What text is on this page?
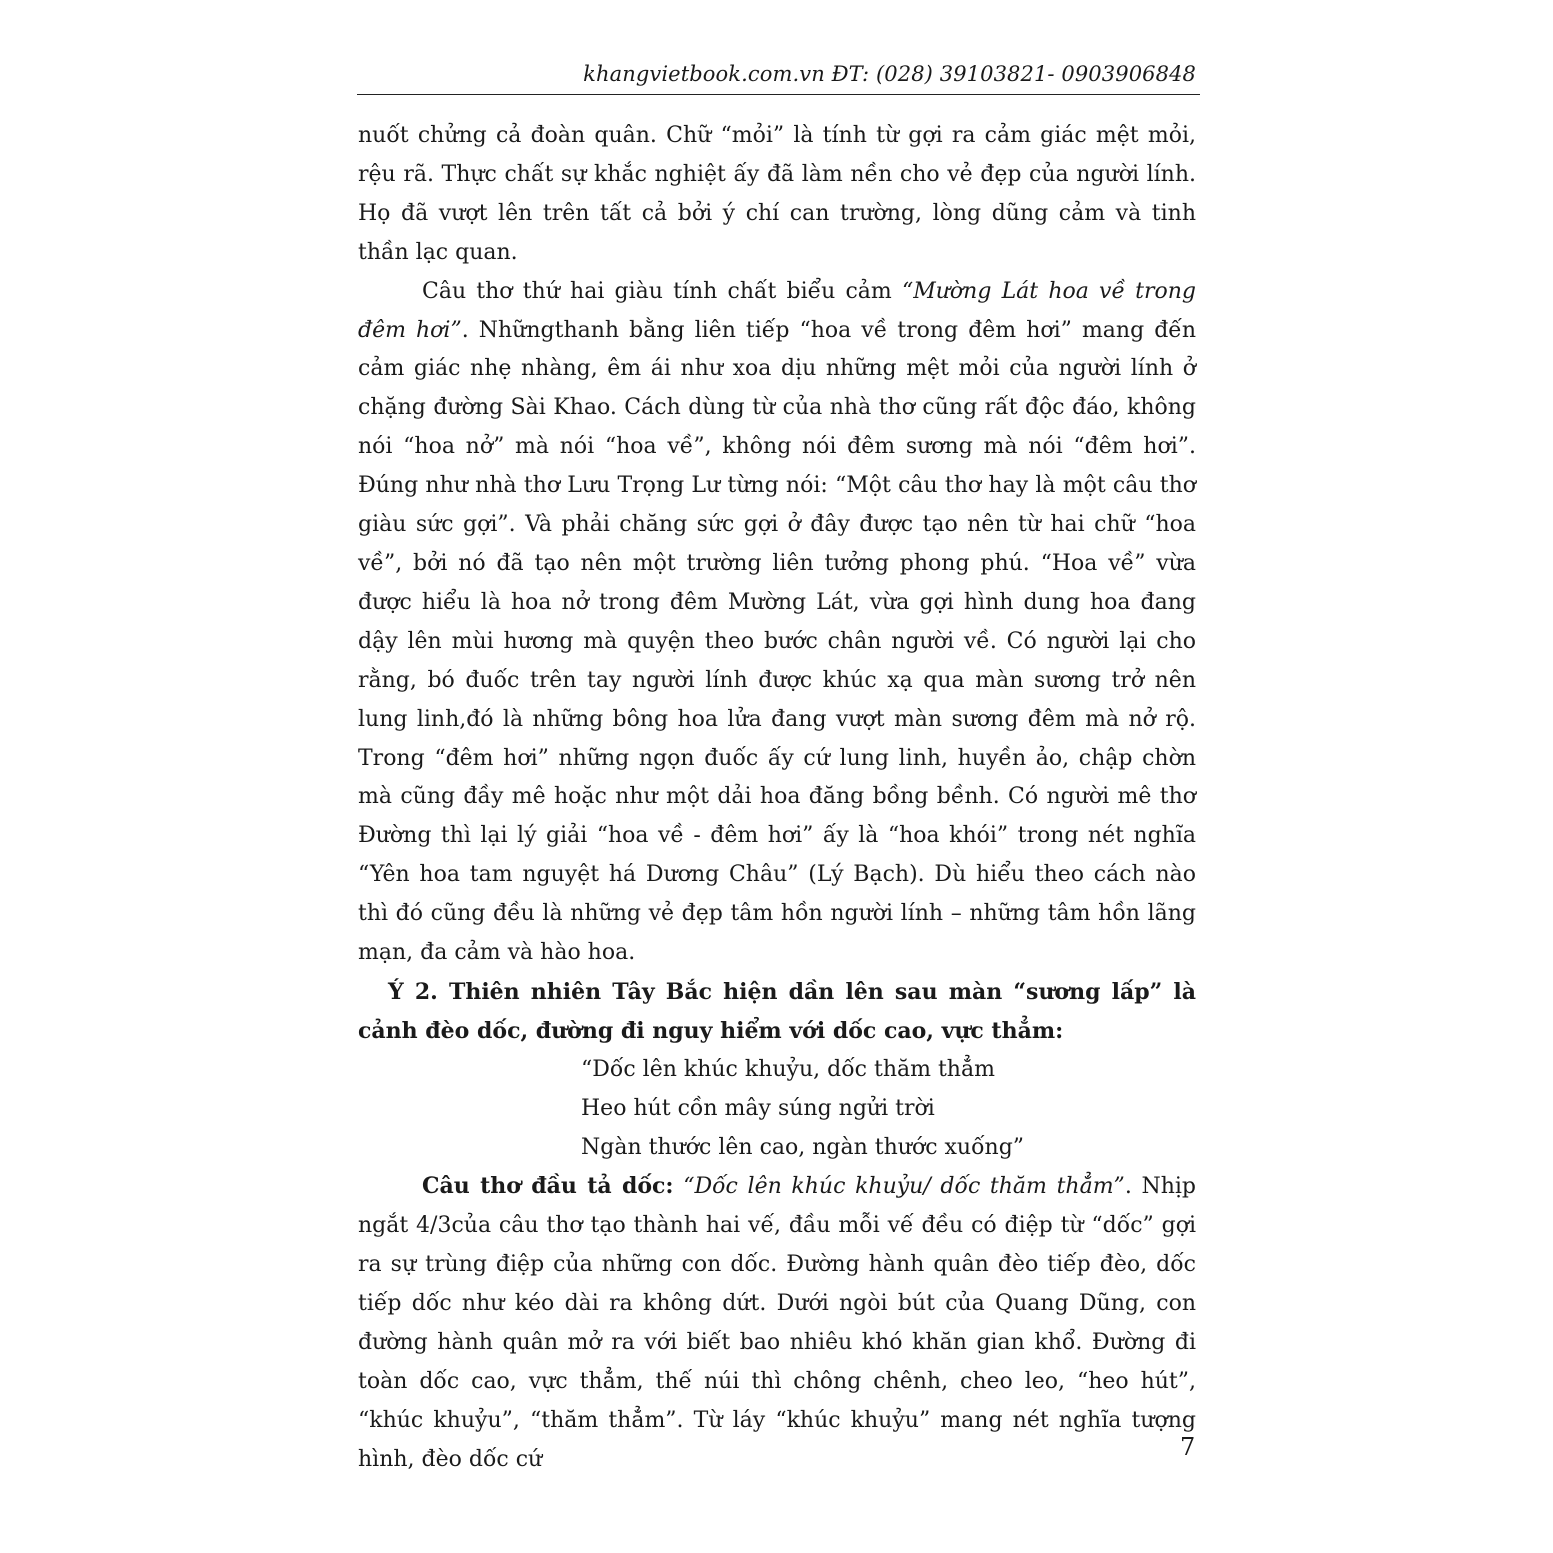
khangvietbook.com.vn ĐT: (028) 39103821- 0903906848

nuốt chửng cả đoàn quân. Chữ “mỏi” là tính từ gợi ra cảm giác mệt mỏi, rệu rã. Thực chất sự khắc nghiệt ấy đã làm nền cho vẻ đẹp của người lính. Họ đã vượt lên trên tất cả bởi ý chí can trường, lòng dũng cảm và tinh thần lạc quan.

Câu thơ thứ hai giàu tính chất biểu cảm “Mường Lát hoa về trong đêm hơi”. Nhữngthanh bằng liên tiếp “hoa về trong đêm hơi” mang đến cảm giác nhẹ nhàng, êm ái như xoa dịu những mệt mỏi của người lính ở chặng đường Sài Khao. Cách dùng từ của nhà thơ cũng rất độc đáo, không nói “hoa nở” mà nói “hoa về”, không nói đêm sương mà nói “đêm hơi”. Đúng như nhà thơ Lưu Trọng Lư từng nói: “Một câu thơ hay là một câu thơ giàu sức gợi”. Và phải chăng sức gợi ở đây được tạo nên từ hai chữ “hoa về”, bởi nó đã tạo nên một trường liên tưởng phong phú. “Hoa về” vừa được hiểu là hoa nở trong đêm Mường Lát, vừa gợi hình dung hoa đang dậy lên mùi hương mà quyện theo bước chân người về. Có người lại cho rằng, bó đuốc trên tay người lính được khúc xạ qua màn sương trở nên lung linh,đó là những bông hoa lửa đang vượt màn sương đêm mà nở rộ. Trong “đêm hơi” những ngọn đuốc ấy cứ lung linh, huyền ảo, chập chờn mà cũng đầy mê hoặc như một dải hoa đăng bồng bềnh. Có người mê thơ Đường thì lại lý giải “hoa về - đêm hơi” ấy là “hoa khói” trong nét nghĩa “Yên hoa tam nguyệt há Dương Châu” (Lý Bạch). Dù hiểu theo cách nào thì đó cũng đều là những vẻ đẹp tâm hồn người lính – những tâm hồn lãng mạn, đa cảm và hào hoa.

Ý 2. Thiên nhiên Tây Bắc hiện dần lên sau màn “sương lấp” là cảnh đèo dốc, đường đi nguy hiểm với dốc cao, vực thẳm:

“Dốc lên khúc khuỷu, dốc thăm thẳm
Heo hút cồn mây súng ngửi trời
Ngàn thước lên cao, ngàn thước xuống”

Câu thơ đầu tả dốc: “Dốc lên khúc khuỷu/ dốc thăm thẳm”. Nhịp ngắt 4/3của câu thơ tạo thành hai vế, đầu mỗi vế đều có điệp từ “dốc” gợi ra sự trùng điệp của những con dốc. Đường hành quân đèo tiếp đèo, dốc tiếp dốc như kéo dài ra không dứt. Dưới ngòi bút của Quang Dũng, con đường hành quân mở ra với biết bao nhiêu khó khăn gian khổ. Đường đi toàn dốc cao, vực thẳm, thế núi thì chông chênh, cheo leo, “heo hút”, “khúc khuỷu”, “thăm thẳm”. Từ láy “khúc khuỷu” mang nét nghĩa tượng hình, đèo dốc cứ	7
